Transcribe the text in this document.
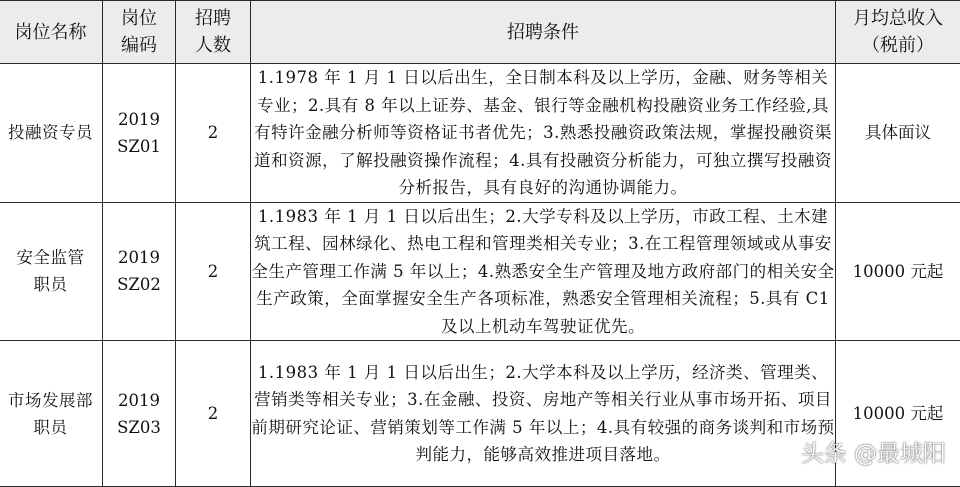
岗位名称	岗位编码	招聘人数	招聘条件	月均总收入（税前）
投融资专员	2019 SZ01	2	1.1978 年 1 月 1 日以后出生，全日制本科及以上学历，金融、财务等相关专业；2.具有 8 年以上证券、基金、银行等金融机构投融资业务工作经验,具有特许金融分析师等资格证书者优先；3.熟悉投融资政策法规，掌握投融资渠道和资源，了解投融资操作流程；4.具有投融资分析能力，可独立撰写投融资分析报告，具有良好的沟通协调能力。	具体面议
安全监管职员	2019 SZ02	2	1.1983 年 1 月 1 日以后出生；2.大学专科及以上学历，市政工程、土木建筑工程、园林绿化、热电工程和管理类相关专业；3.在工程管理领域或从事安全生产管理工作满 5 年以上；4.熟悉安全生产管理及地方政府部门的相关安全生产政策，全面掌握安全生产各项标准，熟悉安全管理相关流程；5.具有 C1 及以上机动车驾驶证优先。	10000 元起
市场发展部职员	2019 SZ03	2	1.1983 年 1 月 1 日以后出生；2.大学本科及以上学历，经济类、管理类、营销类等相关专业；3.在金融、投资、房地产等相关行业从事市场开拓、项目前期研究论证、营销策划等工作满 5 年以上；4.具有较强的商务谈判和市场预判能力，能够高效推进项目落地。	10000 元起
头条 @最城阳
